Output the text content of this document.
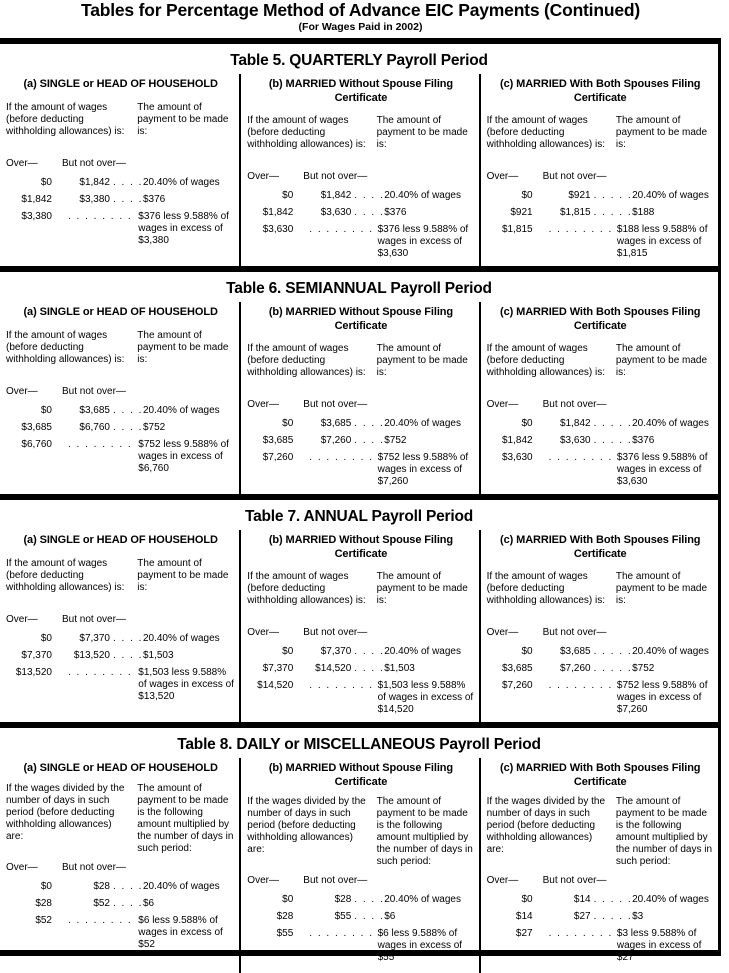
Tables for Percentage Method of Advance EIC Payments (Continued)
(For Wages Paid in 2002)
Table 5. QUARTERLY Payroll Period
(a) SINGLE or HEAD OF HOUSEHOLD
If the amount of wages (before deducting withholding allowances) is:
The amount of payment to be made is:
Over—	But not over—
$0	$1,842 . . . . 20.40% of wages
$1,842	$3,380 . . . . $376
$3,380	. . . . . . . . $376 less 9.588% of wages in excess of $3,380
(b) MARRIED Without Spouse Filing Certificate
If the amount of wages (before deducting withholding allowances) is:
The amount of payment to be made is:
Over—	But not over—
$0	$1,842 . . . . 20.40% of wages
$1,842	$3,630 . . . . $376
$3,630	. . . . . . . . $376 less 9.588% of wages in excess of $3,630
(c) MARRIED With Both Spouses Filing Certificate
If the amount of wages (before deducting withholding allowances) is:
The amount of payment to be made is:
Over—	But not over—
$0	$921 . . . . . 20.40% of wages
$921	$1,815 . . . . . $188
$1,815	. . . . . . . . $188 less 9.588% of wages in excess of $1,815
Table 6. SEMIANNUAL Payroll Period
(a) SINGLE or HEAD OF HOUSEHOLD
If the amount of wages (before deducting withholding allowances) is:
The amount of payment to be made is:
Over—	But not over—
$0	$3,685 . . . . 20.40% of wages
$3,685	$6,760 . . . . $752
$6,760	. . . . . . . . $752 less 9.588% of wages in excess of $6,760
(b) MARRIED Without Spouse Filing Certificate
If the amount of wages (before deducting withholding allowances) is:
The amount of payment to be made is:
Over—	But not over—
$0	$3,685 . . . . 20.40% of wages
$3,685	$7,260 . . . . $752
$7,260	. . . . . . . . $752 less 9.588% of wages in excess of $7,260
(c) MARRIED With Both Spouses Filing Certificate
If the amount of wages (before deducting withholding allowances) is:
The amount of payment to be made is:
Over—	But not over—
$0	$1,842 . . . . . 20.40% of wages
$1,842	$3,630 . . . . . $376
$3,630	. . . . . . . . $376 less 9.588% of wages in excess of $3,630
Table 7. ANNUAL Payroll Period
(a) SINGLE or HEAD OF HOUSEHOLD
If the amount of wages (before deducting withholding allowances) is:
The amount of payment to be made is:
Over—	But not over—
$0	$7,370 . . . . 20.40% of wages
$7,370	$13,520 . . . . $1,503
$13,520	. . . . . . . . $1,503 less 9.588% of wages in excess of $13,520
(b) MARRIED Without Spouse Filing Certificate
If the amount of wages (before deducting withholding allowances) is:
The amount of payment to be made is:
Over—	But not over—
$0	$7,370 . . . . 20.40% of wages
$7,370	$14,520 . . . . $1,503
$14,520	. . . . . . . . $1,503 less 9.588% of wages in excess of $14,520
(c) MARRIED With Both Spouses Filing Certificate
If the amount of wages (before deducting withholding allowances) is:
The amount of payment to be made is:
Over—	But not over—
$0	$3,685 . . . . . 20.40% of wages
$3,685	$7,260 . . . . . $752
$7,260	. . . . . . . . $752 less 9.588% of wages in excess of $7,260
Table 8. DAILY or MISCELLANEOUS Payroll Period
(a) SINGLE or HEAD OF HOUSEHOLD
If the wages divided by the number of days in such period (before deducting withholding allowances) are:
The amount of payment to be made is the following amount multiplied by the number of days in such period:
Over—	But not over—
$0	$28 . . . . 20.40% of wages
$28	$52 . . . . $6
$52	. . . . . . . . $6 less 9.588% of wages in excess of $52
(b) MARRIED Without Spouse Filing Certificate
If the wages divided by the number of days in such period (before deducting withholding allowances) are:
The amount of payment to be made is the following amount multiplied by the number of days in such period:
Over—	But not over—
$0	$28 . . . . 20.40% of wages
$28	$55 . . . . $6
$55	. . . . . . . . $6 less 9.588% of wages in excess of $55
(c) MARRIED With Both Spouses Filing Certificate
If the wages divided by the number of days in such period (before deducting withholding allowances) are:
The amount of payment to be made is the following amount multiplied by the number of days in such period:
Over—	But not over—
$0	$14 . . . . . 20.40% of wages
$14	$27 . . . . . $3
$27	. . . . . . . . $3 less 9.588% of wages in excess of $27
